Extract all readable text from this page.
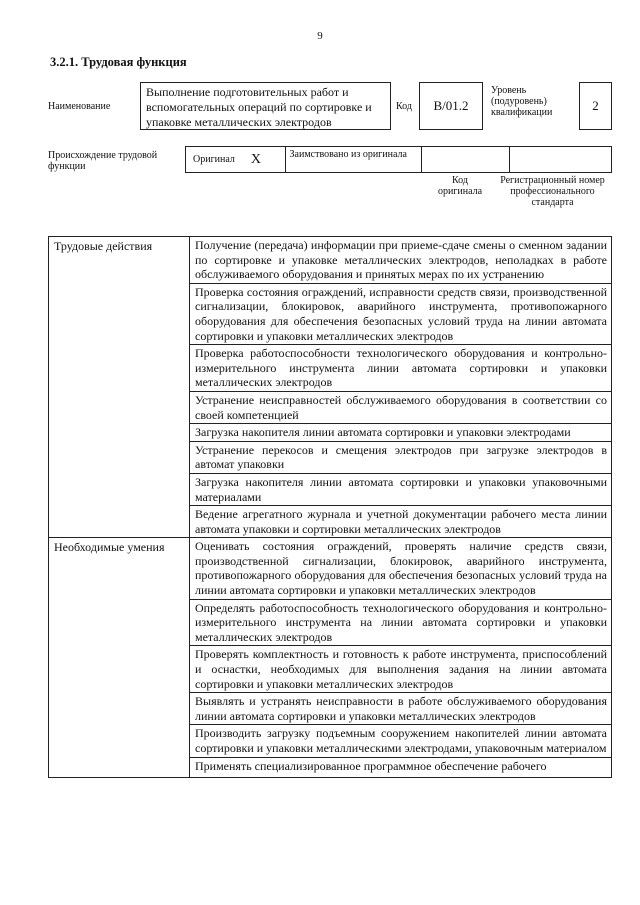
9
3.2.1. Трудовая функция
Наименование
Выполнение подготовительных работ и вспомогательных операций по сортировке и упаковке металлических электродов
Код	В/01.2
Уровень (подуровень) квалификации	2
Происхождение трудовой функции
Оригинал X	Заимствовано из оригинала
Код оригинала
Регистрационный номер профессионального стандарта
Трудовые действия	Получение (передача) информации при приеме-сдаче смены о сменном задании по сортировке и упаковке металлических электродов, неполадках в работе обслуживаемого оборудования и принятых мерах по их устранению
	Проверка состояния ограждений, исправности средств связи, производственной сигнализации, блокировок, аварийного инструмента, противопожарного оборудования для обеспечения безопасных условий труда на линии автомата сортировки и упаковки металлических электродов
	Проверка работоспособности технологического оборудования и контрольно-измерительного инструмента линии автомата сортировки и упаковки металлических электродов
	Устранение неисправностей обслуживаемого оборудования в соответствии со своей компетенцией
	Загрузка накопителя линии автомата сортировки и упаковки электродами
	Устранение перекосов и смещения электродов при загрузке электродов в автомат упаковки
	Загрузка накопителя линии автомата сортировки и упаковки упаковочными материалами
	Ведение агрегатного журнала и учетной документации рабочего места линии автомата упаковки и сортировки металлических электродов
Необходимые умения	Оценивать состояния ограждений, проверять наличие средств связи, производственной сигнализации, блокировок, аварийного инструмента, противопожарного оборудования для обеспечения безопасных условий труда на линии автомата сортировки и упаковки металлических электродов
	Определять работоспособность технологического оборудования и контрольно-измерительного инструмента на линии автомата сортировки и упаковки металлических электродов
	Проверять комплектность и готовность к работе инструмента, приспособлений и оснастки, необходимых для выполнения задания на линии автомата сортировки и упаковки металлических электродов
	Выявлять и устранять неисправности в работе обслуживаемого оборудования линии автомата сортировки и упаковки металлических электродов
	Производить загрузку подъемным сооружением накопителей линии автомата сортировки и упаковки металлическими электродами, упаковочным материалом
	Применять специализированное программное обеспечение рабочего
